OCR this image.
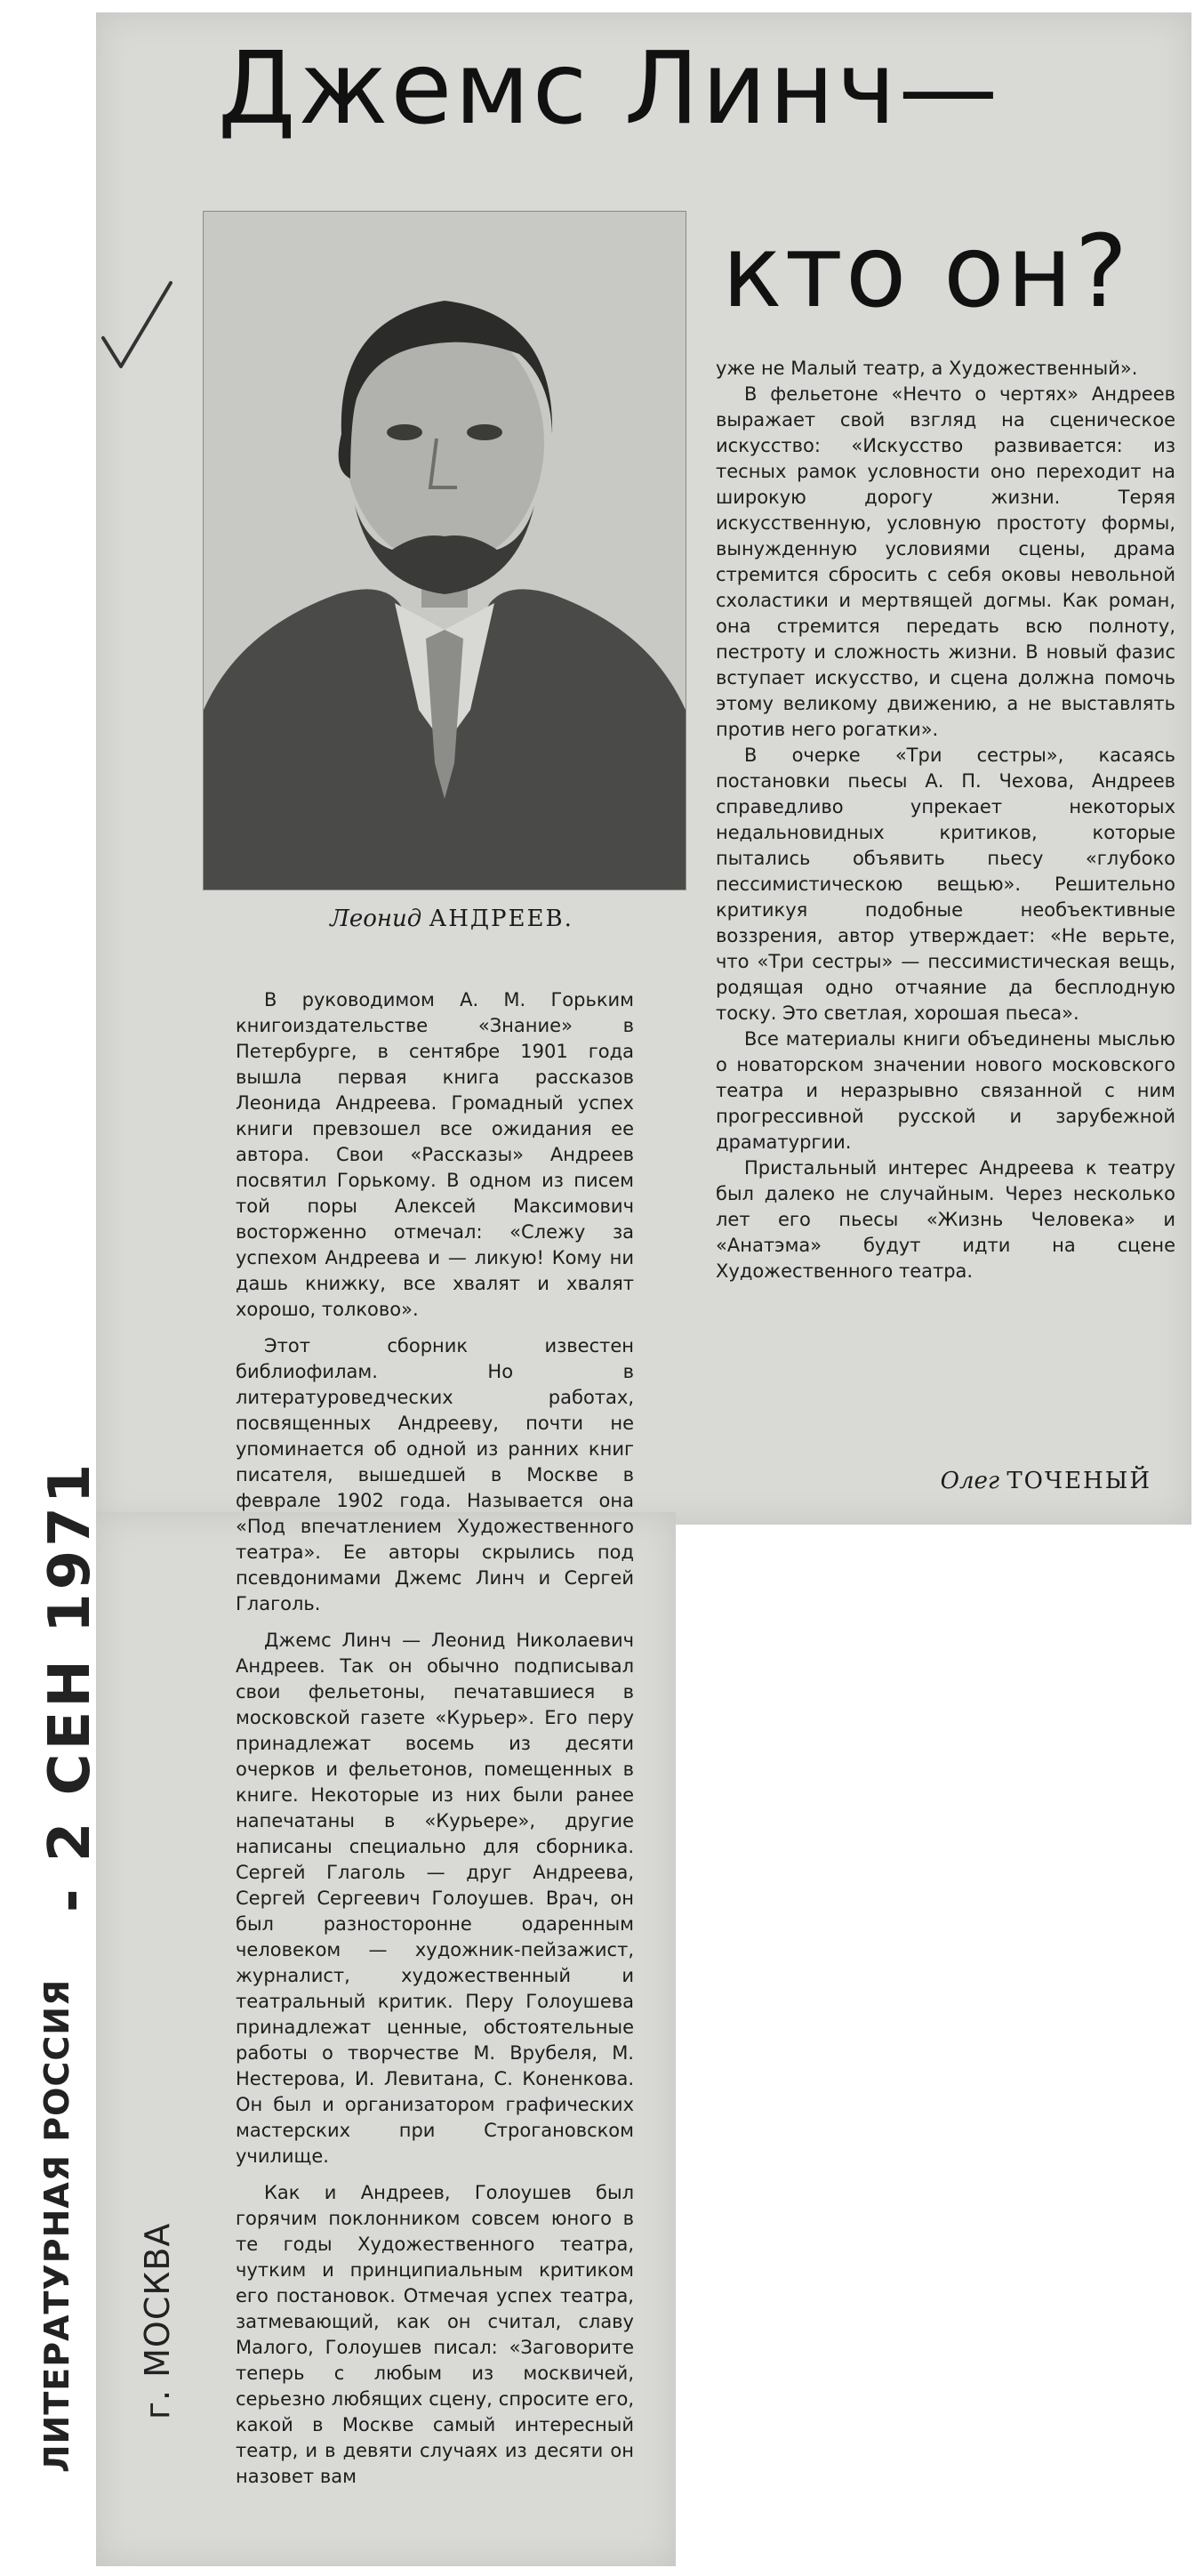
Джемс Линч—
кто он?
Леонид АНДРЕЕВ.

уже не Малый театр, а Художественный».

В фельетоне «Нечто о чертях» Андреев выражает свой взгляд на сценическое искусство: «Искусство развивается: из тесных рамок условности оно переходит на широкую дорогу жизни. Теряя искусственную, условную простоту формы, вынужденную условиями сцены, драма стремится сбросить с себя оковы невольной схоластики и мертвящей догмы. Как роман, она стремится передать всю полноту, пестроту и сложность жизни. В новый фазис вступает искусство, и сцена должна помочь этому великому движению, а не выставлять против него рогатки».

В очерке «Три сестры», касаясь постановки пьесы А. П. Чехова, Андреев справедливо упрекает некоторых недальновидных критиков, которые пытались объявить пьесу «глубоко пессимистическою вещью». Решительно критикуя подобные необъективные воззрения, автор утверждает: «Не верьте, что «Три сестры» — пессимистическая вещь, родящая одно отчаяние да бесплодную тоску. Это светлая, хорошая пьеса».

Все материалы книги объединены мыслью о новаторском значении нового московского театра и неразрывно связанной с ним прогрессивной русской и зарубежной драматургии.

Пристальный интерес Андреева к театру был далеко не случайным. Через несколько лет его пьесы «Жизнь Человека» и «Анатэма» будут идти на сцене Художественного театра.

Олег ТОЧЕНЫЙ

В руководимом А. М. Горьким книгоиздательстве «Знание» в Петербурге, в сентябре 1901 года вышла первая книга рассказов Леонида Андреева. Громадный успех книги превзошел все ожидания ее автора. Свои «Рассказы» Андреев посвятил Горькому. В одном из писем той поры Алексей Максимович восторженно отмечал: «Слежу за успехом Андреева и — ликую! Кому ни дашь книжку, все хвалят и хвалят хорошо, толково».

Этот сборник известен библиофилам. Но в литературоведческих работах, посвященных Андрееву, почти не упоминается об одной из ранних книг писателя, вышедшей в Москве в феврале 1902 года. Называется она «Под впечатлением Художественного театра». Ее авторы скрылись под псевдонимами Джемс Линч и Сергей Глаголь.

Джемс Линч — Леонид Николаевич Андреев. Так он обычно подписывал свои фельетоны, печатавшиеся в московской газете «Курьер». Его перу принадлежат восемь из десяти очерков и фельетонов, помещенных в книге. Некоторые из них были ранее напечатаны в «Курьере», другие написаны специально для сборника. Сергей Глаголь — друг Андреева, Сергей Сергеевич Голоушев. Врач, он был разносторонне одаренным человеком — художник-пейзажист, журналист, художественный и театральный критик. Перу Голоушева принадлежат ценные, обстоятельные работы о творчестве М. Врубеля, М. Нестерова, И. Левитана, С. Коненкова. Он был и организатором графических мастерских при Строгановском училище.

Как и Андреев, Голоушев был горячим поклонником совсем юного в те годы Художественного театра, чутким и принципиальным критиком его постановок. Отмечая успех театра, затмевающий, как он считал, славу Малого, Голоушев писал: «Заговорите теперь с любым из москвичей, серьезно любящих сцену, спросите его, какой в Москве самый интересный театр, и в девяти случаях из десяти он назовет вам

- 2 СЕН 1971
ЛИТЕРАТУРНАЯ РОССИЯ г. МОСКВА
